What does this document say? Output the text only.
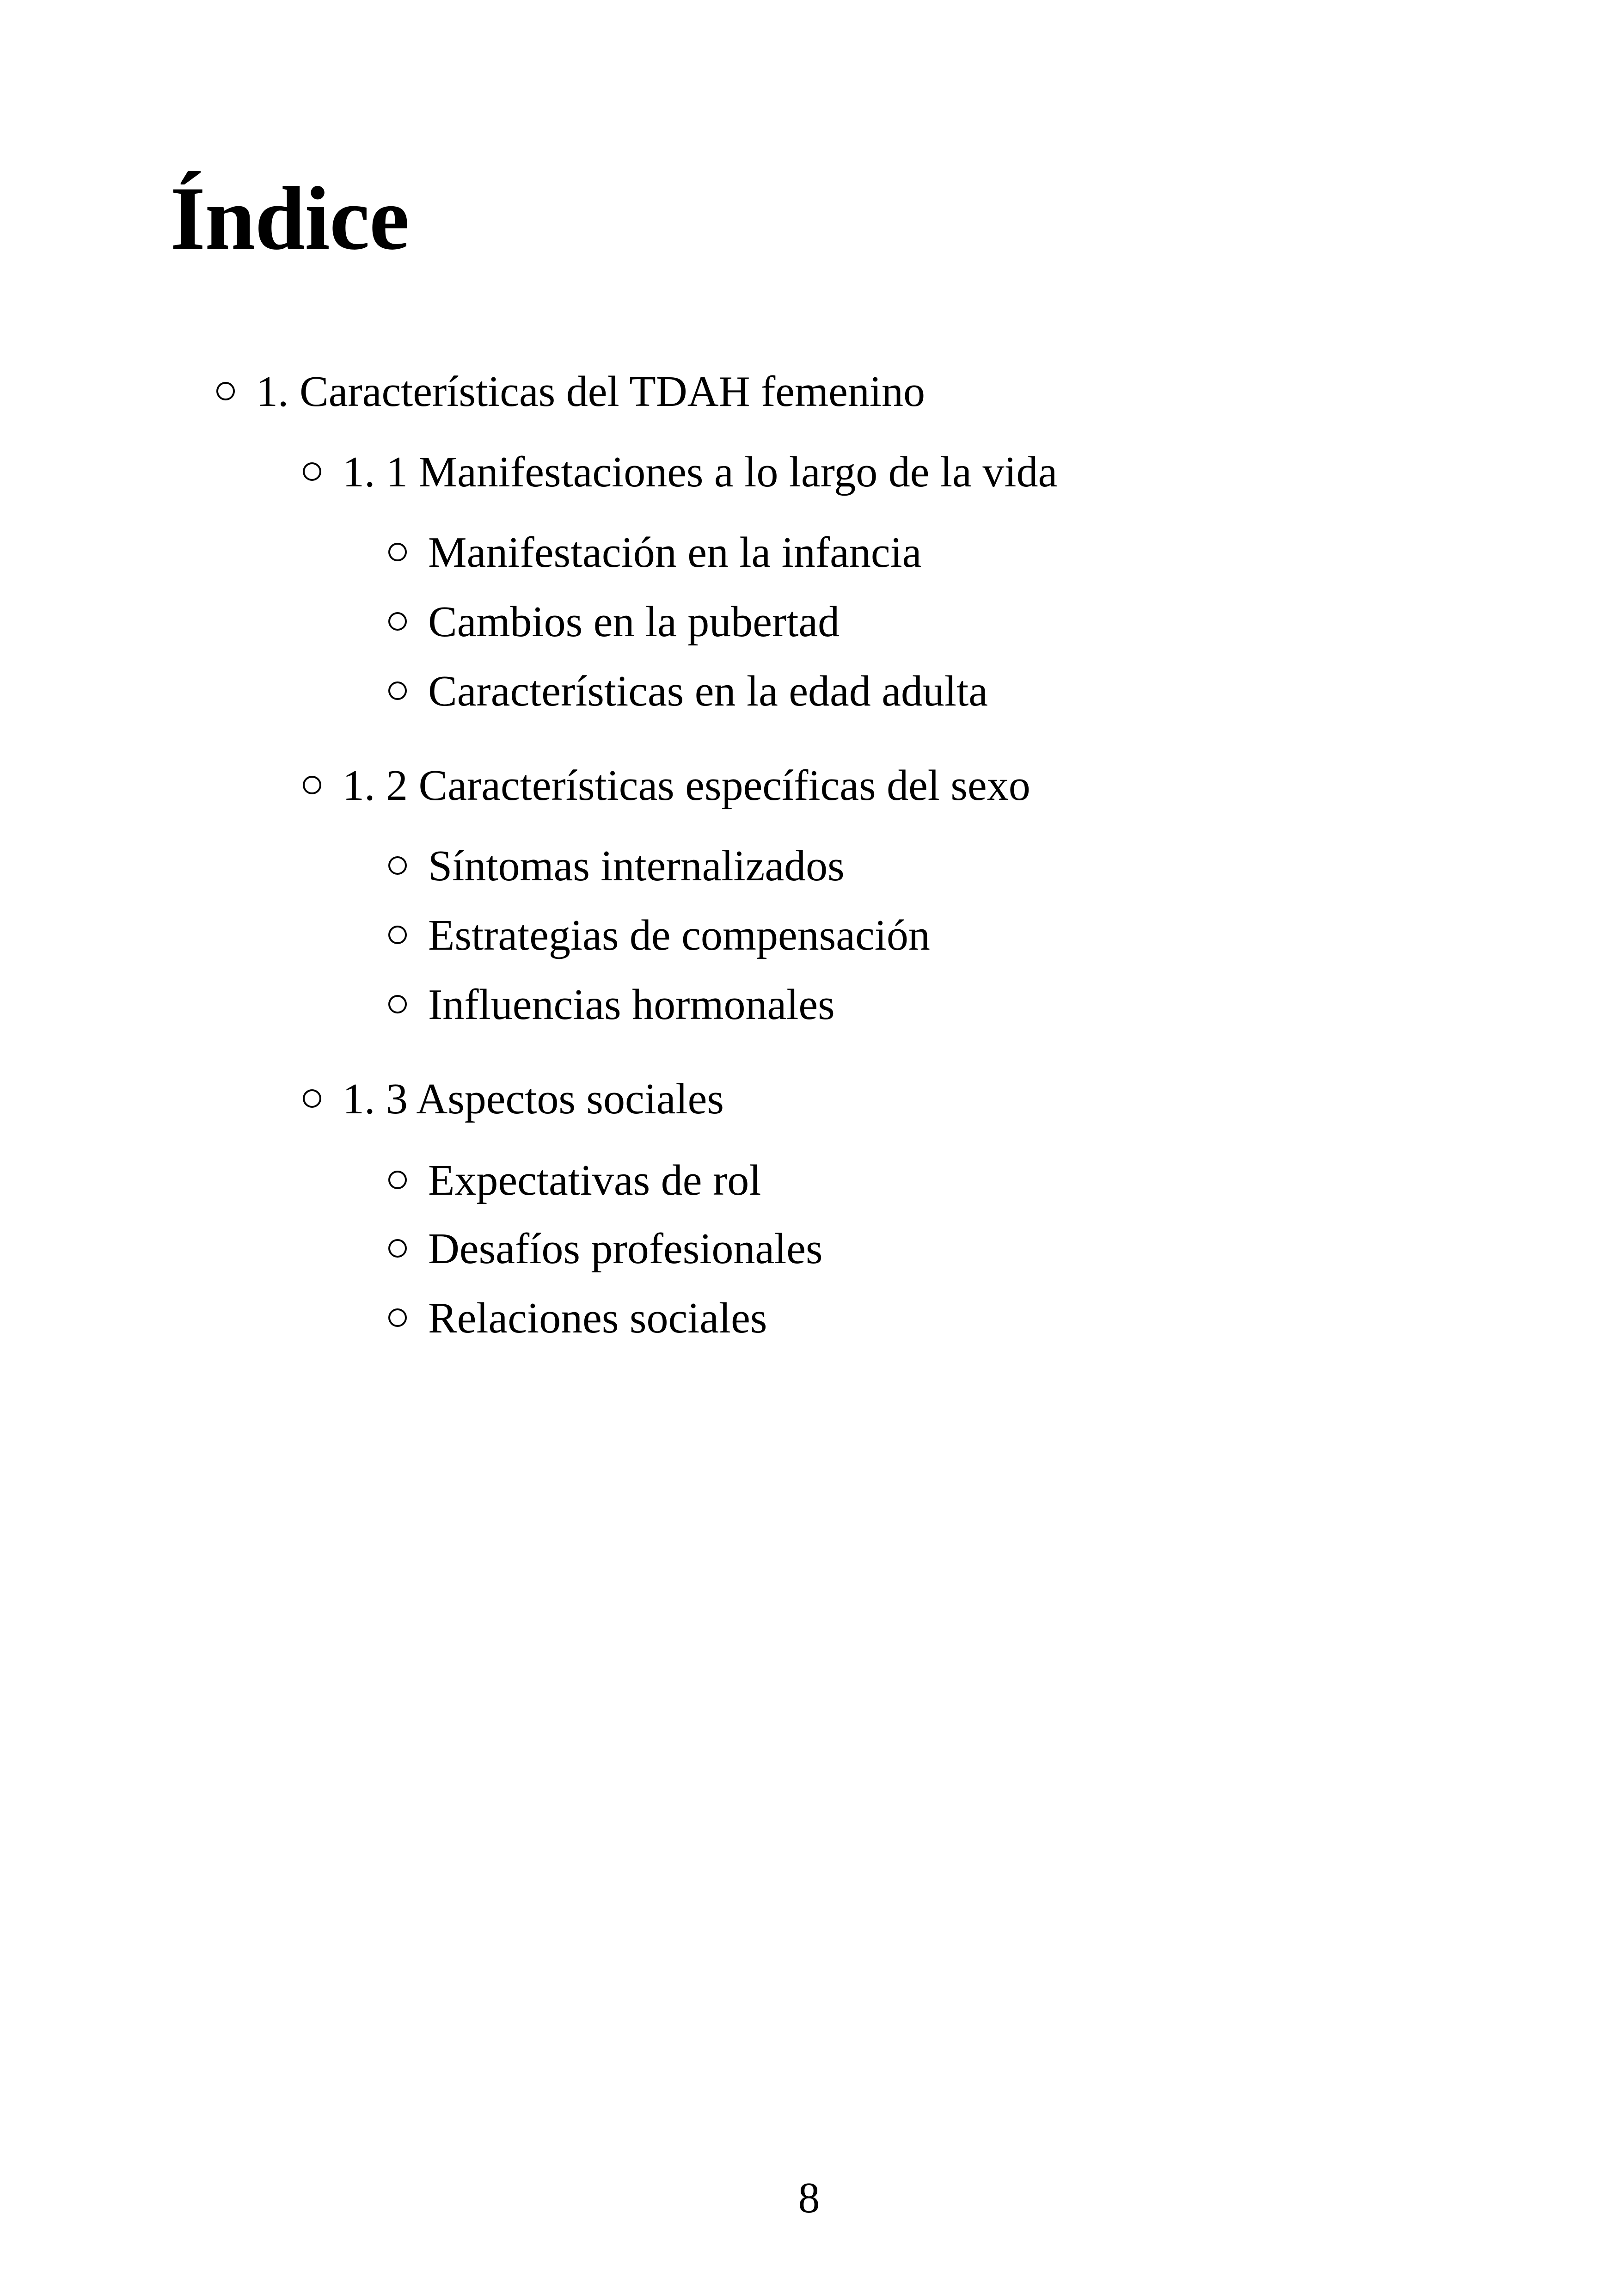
Índice
1. Características del TDAH femenino
1. 1 Manifestaciones a lo largo de la vida
Manifestación en la infancia
Cambios en la pubertad
Características en la edad adulta
1. 2 Características específicas del sexo
Síntomas internalizados
Estrategias de compensación
Influencias hormonales
1. 3 Aspectos sociales
Expectativas de rol
Desafíos profesionales
Relaciones sociales
8
